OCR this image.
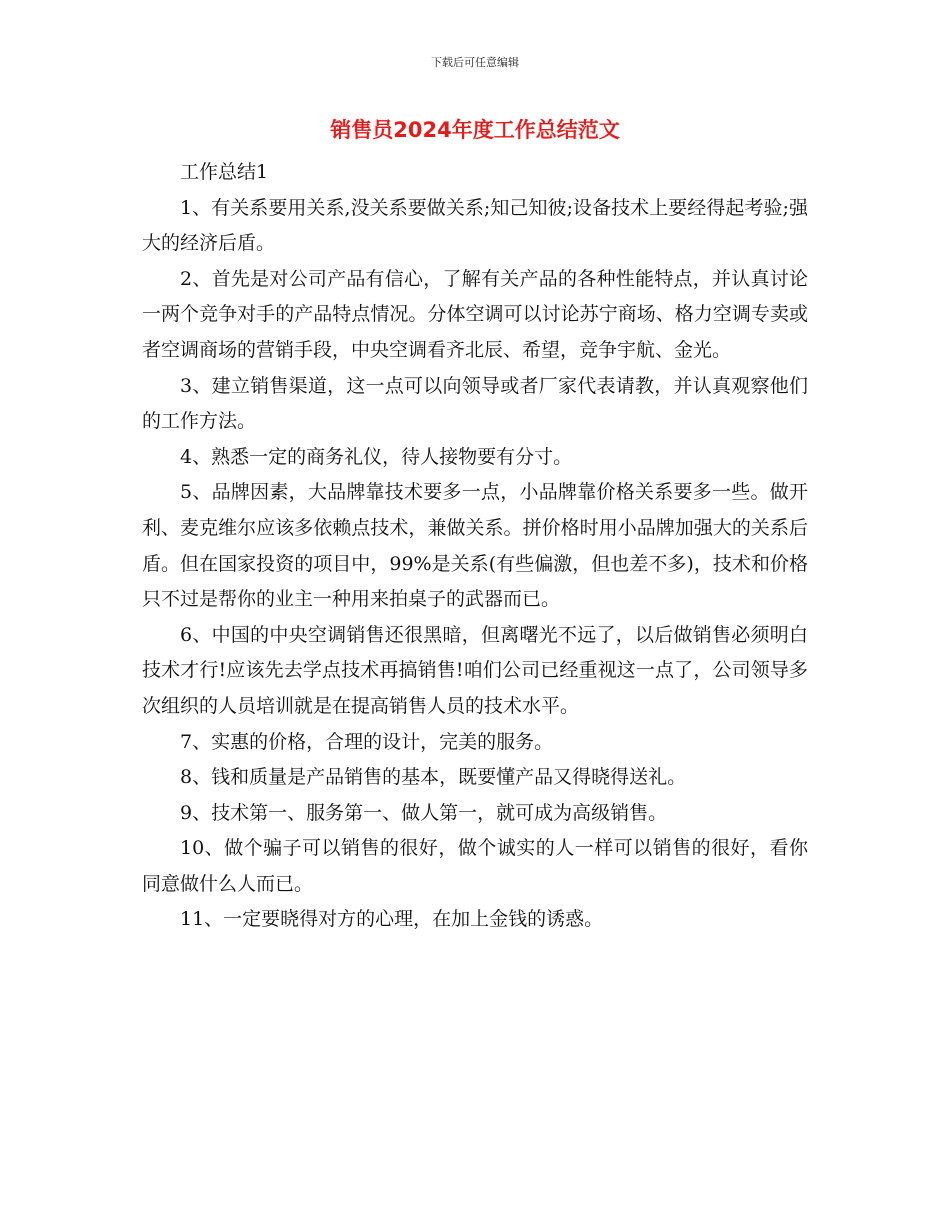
下载后可任意编辑
销售员2024年度工作总结范文

工作总结1

1、有关系要用关系,没关系要做关系;知己知彼;设备技术上要经得起考验;强大的经济后盾。

2、首先是对公司产品有信心，了解有关产品的各种性能特点，并认真讨论一两个竞争对手的产品特点情况。分体空调可以讨论苏宁商场、格力空调专卖或者空调商场的营销手段，中央空调看齐北辰、希望，竞争宇航、金光。

3、建立销售渠道，这一点可以向领导或者厂家代表请教，并认真观察他们的工作方法。

4、熟悉一定的商务礼仪，待人接物要有分寸。

5、品牌因素，大品牌靠技术要多一点，小品牌靠价格关系要多一些。做开利、麦克维尔应该多依赖点技术，兼做关系。拼价格时用小品牌加强大的关系后盾。但在国家投资的项目中，99%是关系(有些偏激，但也差不多)，技术和价格只不过是帮你的业主一种用来拍桌子的武器而已。

6、中国的中央空调销售还很黑暗，但离曙光不远了，以后做销售必须明白技术才行!应该先去学点技术再搞销售!咱们公司已经重视这一点了，公司领导多次组织的人员培训就是在提高销售人员的技术水平。

7、实惠的价格，合理的设计，完美的服务。

8、钱和质量是产品销售的基本，既要懂产品又得晓得送礼。

9、技术第一、服务第一、做人第一，就可成为高级销售。

10、做个骗子可以销售的很好，做个诚实的人一样可以销售的很好，看你同意做什么人而已。

11、一定要晓得对方的心理，在加上金钱的诱惑。
